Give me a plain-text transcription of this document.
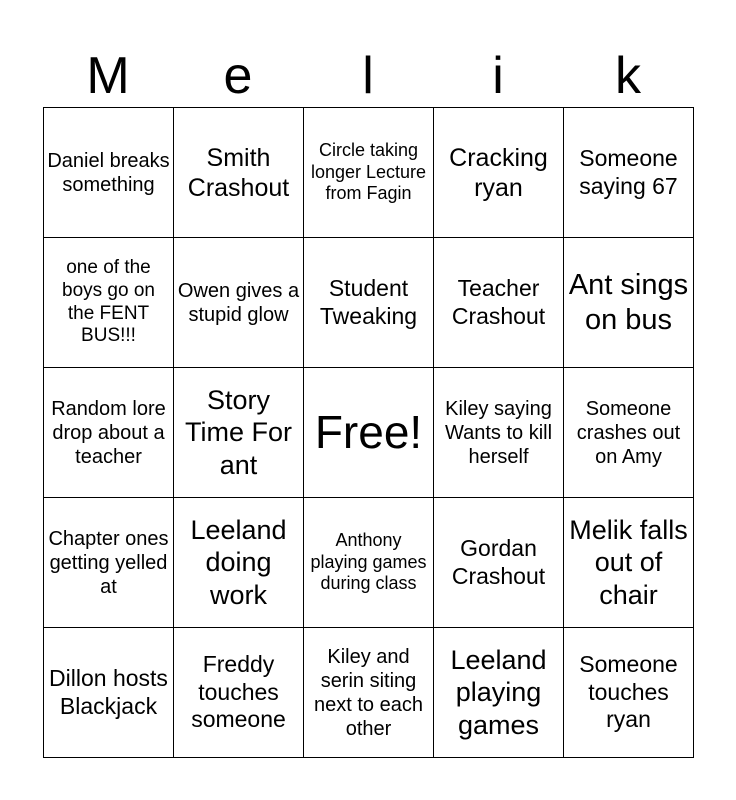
M	e	l	i	k
Daniel breaks something	Smith Crashout	Circle taking longer Lecture from Fagin	Cracking ryan	Someone saying 67
one of the boys go on the FENT BUS!!!	Owen gives a stupid glow	Student Tweaking	Teacher Crashout	Ant sings on bus
Random lore drop about a teacher	Story Time For ant	Free!	Kiley saying Wants to kill herself	Someone crashes out on Amy
Chapter ones getting yelled at	Leeland doing work	Anthony playing games during class	Gordan Crashout	Melik falls out of chair
Dillon hosts Blackjack	Freddy touches someone	Kiley and serin siting next to each other	Leeland playing games	Someone touches ryan
